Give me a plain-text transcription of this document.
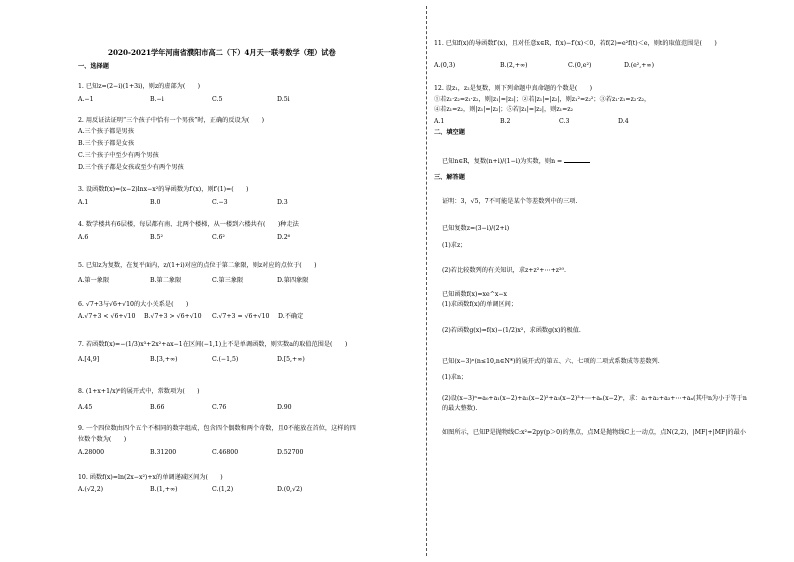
2020-2021学年河南省濮阳市高二（下）4月天一联考数学（理）试卷
一、选择题
1. 已知z=(2−i)(1+3i)，则z的虚部为(　　)
A.−1	B.−i	C.5	D.5i
2. 用反证法证明“三个孩子中恰有一个男孩”时，正确的反设为(　　)
A.三个孩子都是男孩
B.三个孩子都是女孩
C.三个孩子中至少有两个男孩
D.三个孩子都是女孩或至少有两个男孩
3. 设函数f(x)=(x−2)lnx−x²的导函数为f′(x)，则f′(1)=(　　)
A.1	B.0	C.−3	D.3
4. 数学楼共有6层楼，每层都有南、北两个楼梯，从一楼到六楼共有(　　)种走法
A.6	B.5²	C.6²	D.2⁶
5. 已知z为复数，在复平面内，z/(1+i)对应的点位于第二象限，则z对应的点位于(　　)
A.第一象限	B.第二象限	C.第三象限	D.第四象限
6. √7+3与√6+√10的大小关系是(　　)
A.√7+3 < √6+√10 B.√7+3 > √6+√10 C.√7+3 = √6+√10 D.不确定
7. 若函数f(x)=−(1/3)x³+2x²+ax−1在区间(−1,1)上不是单调函数，则实数a的取值范围是(　　)
A.[4,9]	B.[3,+∞)	C.(−1,5)	D.[5,+∞)
8. (1+x+1/x)⁶的展开式中，常数项为(　　)
A.45	B.66	C.76	D.90
9. 一个四位数由四个五个不相同的数字组成，包含四个偶数和两个奇数，且0不能放在首位，这样的四
位数个数为(　　)
A.28000	B.31200	C.46800	D.52700
10. 函数f(x)=ln(2x−x²)+x的单调递减区间为(　　)
A.(√2,2)	B.(1,+∞)	C.(1,2)	D.(0,√2)
11. 已知f(x)的导函数f′(x)，且对任意x∈R，f(x)−f′(x)＜0，若f(2)=e²f(t)＜e，则t的取值范围是(　　)
A.(0,3)	B.(2,+∞)	C.(0,e²)	D.(e²,+∞)
12. 设z₁，z₂是复数，则下列命题中真命题的个数是(　　)
①若z₁·z₂=z₁·z₂，则|z₁|=|z₂|；②若|z₁|=|z₂|，则z₁²=z₂²；③若z₁·z₁=z₂·z₂，
④若z₁=z₂，则|z₁|=|z₂|；⑤若|z₁|=|z₂|，则z₁=z₂
A.1	B.2	C.3	D.4
二、填空题
已知n∈R，复数(n+i)/(1−i)为实数，则n =
三、解答题
证明：3，√5，7不可能是某个等差数列中的三项.
已知复数z=(3−i)/(2+i)
(1)求z；
(2)若比较数列的有关知识，求z+z²+⋯+z²⁰.
已知函数f(x)=xe^x−x
(1)求函数f(x)的单调区间；
(2)若函数g(x)=f(x)−(1/2)x²，求函数g(x)的极值.
已知(x−3)ⁿ(n≤10,n∈N*)的展开式的第五、六、七项的二项式系数成等差数列.
(1)求n；
(2)设(x−3)ⁿ=a₀+a₁(x−2)+a₂(x−2)²+a₃(x−2)³+⋯+aₙ(x−2)ⁿ，求：a₁+a₂+a₃+⋯+aₙ(其中n为小于等于n
的最大整数).
如图所示，已知P是抛物线C:x²=2py(p＞0)的焦点，点M是抛物线C上一动点，点N(2,2)，|MF|+|MF|的最小
